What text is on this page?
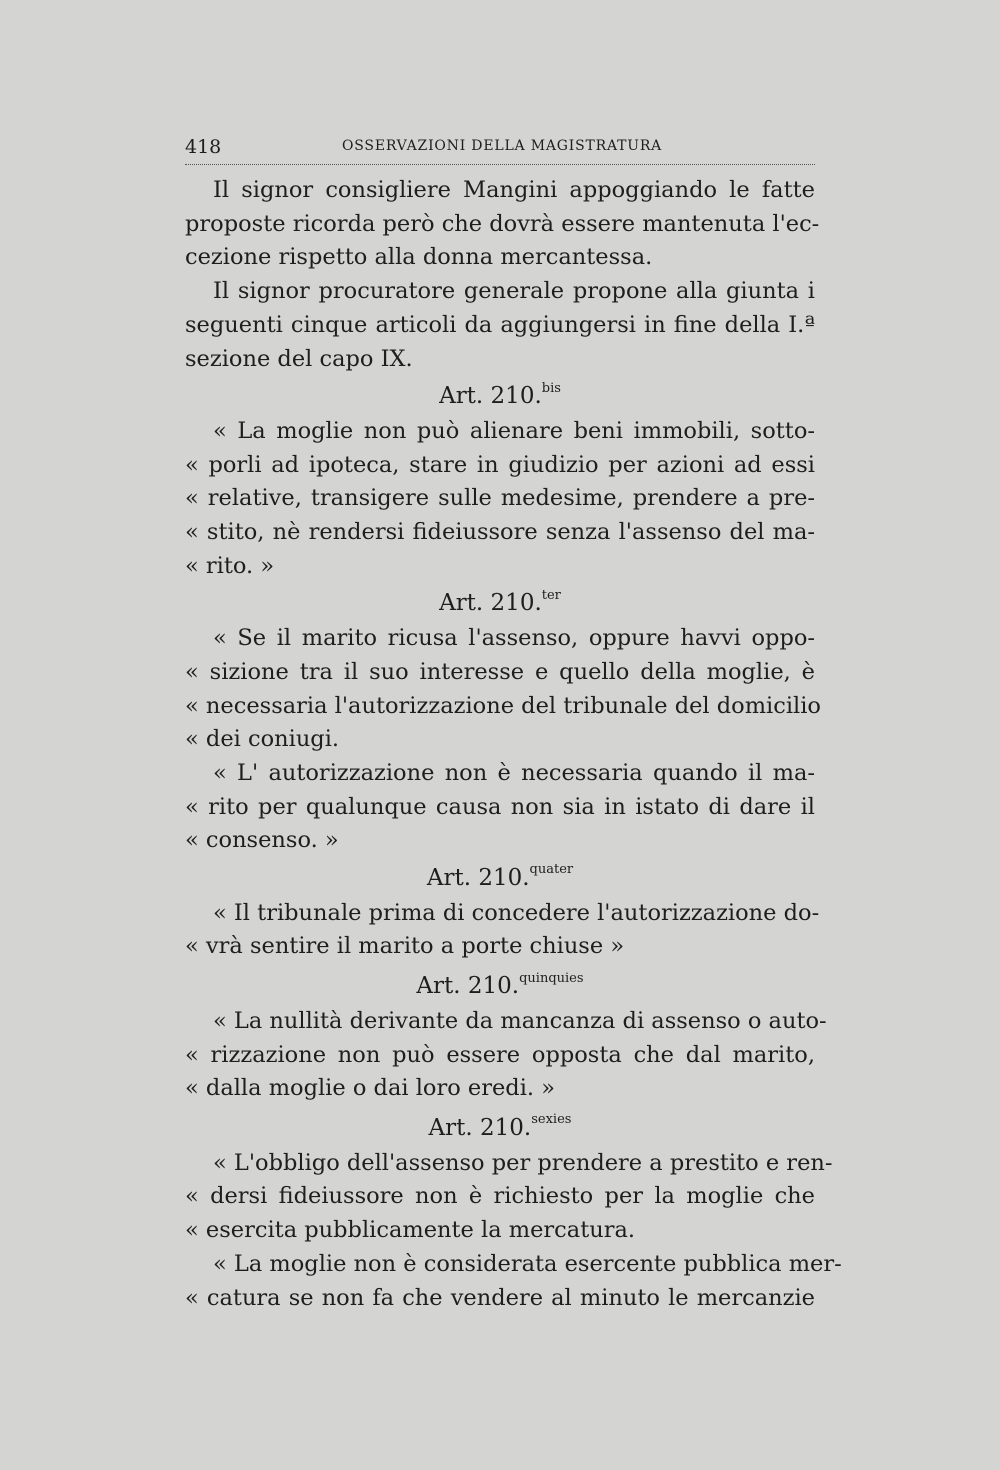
418	OSSERVAZIONI DELLA MAGISTRATURA
Il signor consigliere Mangini appoggiando le fatte
proposte ricorda però che dovrà essere mantenuta l'ec-
cezione rispetto alla donna mercantessa.
Il signor procuratore generale propone alla giunta i
seguenti cinque articoli da aggiungersi in fine della I.ª
sezione del capo IX.
Art. 210.$^{bis}$
« La moglie non può alienare beni immobili, sotto-
« porli ad ipoteca, stare in giudizio per azioni ad essi
« relative, transigere sulle medesime, prendere a pre-
« stito, nè rendersi fideiussore senza l'assenso del ma-
« rito. »
Art. 210.$^{ter}$
« Se il marito ricusa l'assenso, oppure havvi oppo-
« sizione tra il suo interesse e quello della moglie, è
« necessaria l'autorizzazione del tribunale del domicilio
« dei coniugi.
« L' autorizzazione non è necessaria quando il ma-
« rito per qualunque causa non sia in istato di dare il
« consenso. »
Art. 210.$^{quater}$
« Il tribunale prima di concedere l'autorizzazione do-
« vrà sentire il marito a porte chiuse »
Art. 210.$^{quinquies}$
« La nullità derivante da mancanza di assenso o auto-
« rizzazione non può essere opposta che dal marito,
« dalla moglie o dai loro eredi. »
Art. 210.$^{sexies}$
« L'obbligo dell'assenso per prendere a prestito e ren-
« dersi fideiussore non è richiesto per la moglie che
« esercita pubblicamente la mercatura.
« La moglie non è considerata esercente pubblica mer-
« catura se non fa che vendere al minuto le mercanzie
